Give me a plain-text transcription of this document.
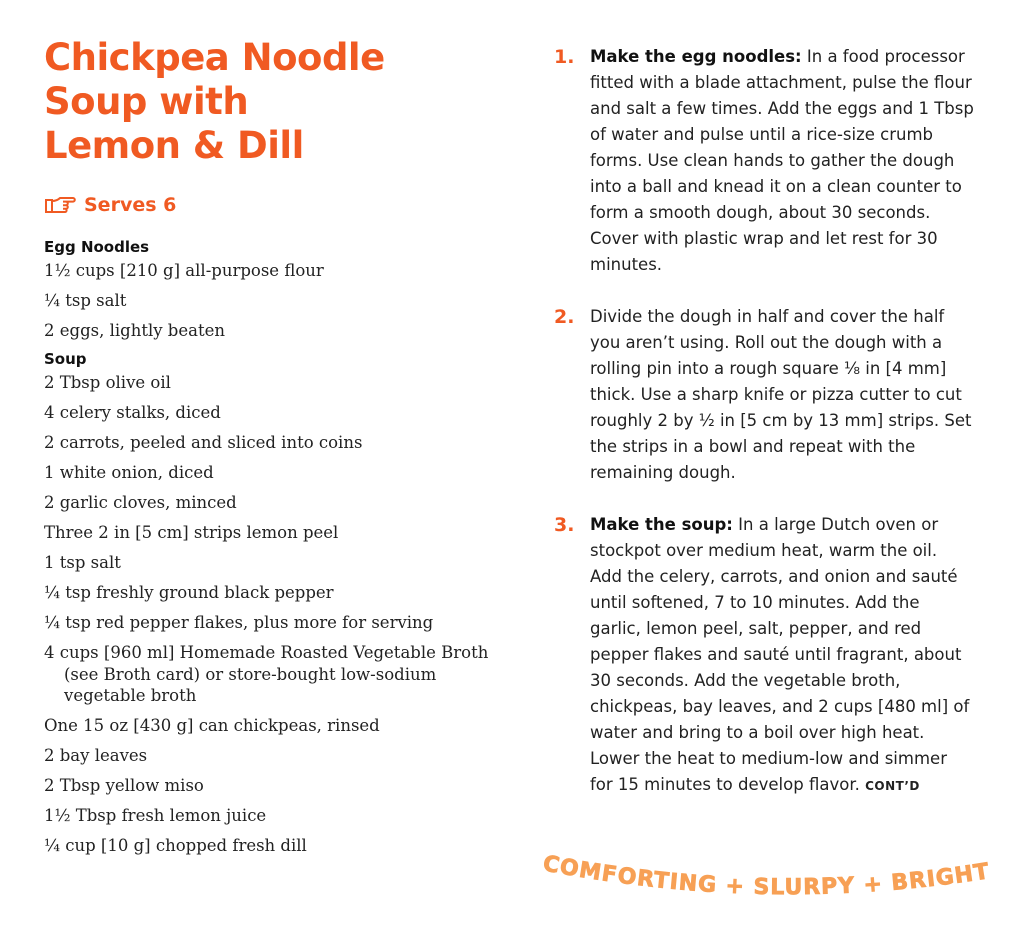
Chickpea Noodle
Soup with
Lemon & Dill
Serves 6
Egg Noodles
1½ cups [210 g] all-purpose flour
¼ tsp salt
2 eggs, lightly beaten
Soup
2 Tbsp olive oil
4 celery stalks, diced
2 carrots, peeled and sliced into coins
1 white onion, diced
2 garlic cloves, minced
Three 2 in [5 cm] strips lemon peel
1 tsp salt
¼ tsp freshly ground black pepper
¼ tsp red pepper flakes, plus more for serving
4 cups [960 ml] Homemade Roasted Vegetable Broth (see Broth card) or store-bought low-sodium vegetable broth
One 15 oz [430 g] can chickpeas, rinsed
2 bay leaves
2 Tbsp yellow miso
1½ Tbsp fresh lemon juice
¼ cup [10 g] chopped fresh dill
1. Make the egg noodles: In a food processor fitted with a blade attachment, pulse the flour and salt a few times. Add the eggs and 1 Tbsp of water and pulse until a rice-size crumb forms. Use clean hands to gather the dough into a ball and knead it on a clean counter to form a smooth dough, about 30 seconds. Cover with plastic wrap and let rest for 30 minutes.
2. Divide the dough in half and cover the half you aren’t using. Roll out the dough with a rolling pin into a rough square ⅛ in [4 mm] thick. Use a sharp knife or pizza cutter to cut roughly 2 by ½ in [5 cm by 13 mm] strips. Set the strips in a bowl and repeat with the remaining dough.
3. Make the soup: In a large Dutch oven or stockpot over medium heat, warm the oil. Add the celery, carrots, and onion and sauté until softened, 7 to 10 minutes. Add the garlic, lemon peel, salt, pepper, and red pepper flakes and sauté until fragrant, about 30 seconds. Add the vegetable broth, chickpeas, bay leaves, and 2 cups [480 ml] of water and bring to a boil over high heat. Lower the heat to medium-low and simmer for 15 minutes to develop flavor. CONT’D
COMFORTING + SLURPY + BRIGHT
